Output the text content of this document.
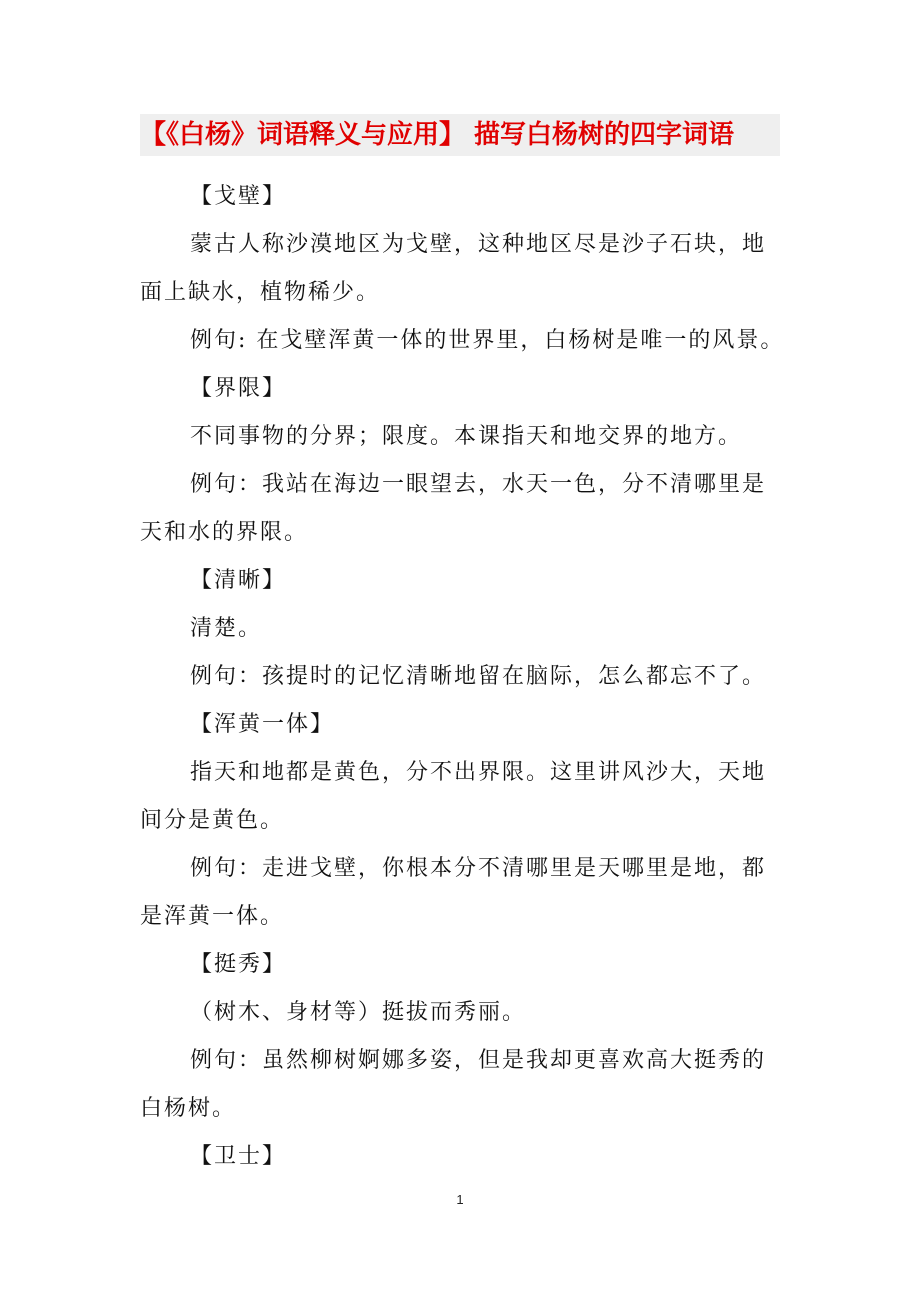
【《白杨》词语释义与应用】 描写白杨树的四字词语
【戈壁】
蒙古人称沙漠地区为戈壁，这种地区尽是沙子石块，地
面上缺水，植物稀少。
例句: 在戈壁浑黄一体的世界里，白杨树是唯一的风景。
【界限】
不同事物的分界；限度。本课指天和地交界的地方。
例句：我站在海边一眼望去，水天一色，分不清哪里是
天和水的界限。
【清晰】
清楚。
例句：孩提时的记忆清晰地留在脑际，怎么都忘不了。
【浑黄一体】
指天和地都是黄色，分不出界限。这里讲风沙大，天地
间分是黄色。
例句：走进戈壁，你根本分不清哪里是天哪里是地，都
是浑黄一体。
【挺秀】
（树木、身材等）挺拔而秀丽。
例句：虽然柳树婀娜多姿，但是我却更喜欢高大挺秀的
白杨树。
【卫士】
1
